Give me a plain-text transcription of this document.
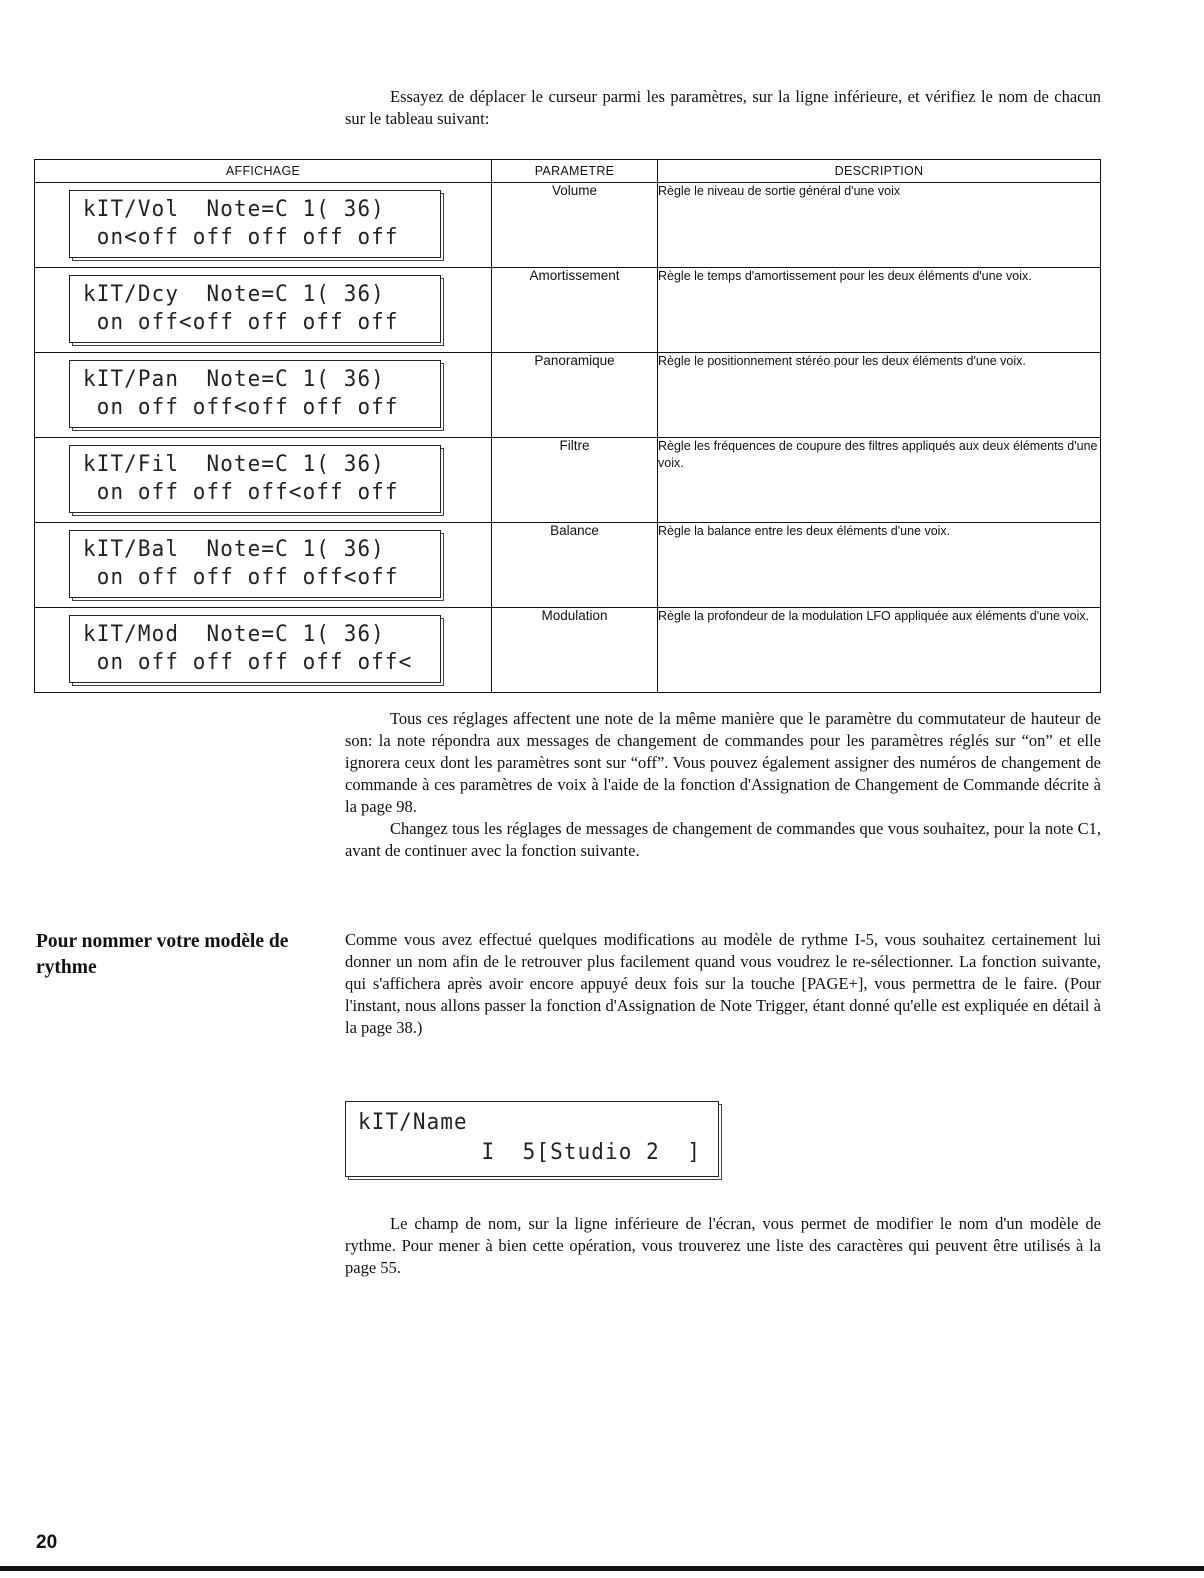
Essayez de déplacer le curseur parmi les paramètres, sur la ligne inférieure, et vérifiez le nom de chacun sur le tableau suivant:

AFFICHAGE	PARAMETRE	DESCRIPTION

kIT/Vol  Note=C 1( 36)
on<off off off off off	Volume	Règle le niveau de sortie général d'une voix

kIT/Dcy  Note=C 1( 36)
on off<off off off off	Amortissement	Règle le temps d'amortissement pour les deux éléments d'une voix.

kIT/Pan  Note=C 1( 36)
on off off<off off off	Panoramique	Règle le positionnement stéréo pour les deux éléments d'une voix.

kIT/Fil  Note=C 1( 36)
on off off off<off off	Filtre	Règle les fréquences de coupure des filtres appliqués aux deux éléments d'une voix.

kIT/Bal  Note=C 1( 36)
on off off off off<off	Balance	Règle la balance entre les deux éléments d'une voix.

kIT/Mod  Note=C 1( 36)
on off off off off off<	Modulation	Règle la profondeur de la modulation LFO appliquée aux éléments d'une voix.

Tous ces réglages affectent une note de la même manière que le paramètre du commutateur de hauteur de son: la note répondra aux messages de changement de commandes pour les paramètres réglés sur “on” et elle ignorera ceux dont les paramètres sont sur “off”. Vous pouvez également assigner des numéros de changement de commande à ces paramètres de voix à l'aide de la fonction d'Assignation de Changement de Commande décrite à la page 98.

Changez tous les réglages de messages de changement de commandes que vous souhaitez, pour la note C1, avant de continuer avec la fonction suivante.

Pour nommer votre modèle de rythme

Comme vous avez effectué quelques modifications au modèle de rythme I-5, vous souhaitez certainement lui donner un nom afin de le retrouver plus facilement quand vous voudrez le re-sélectionner. La fonction suivante, qui s'affichera après avoir encore appuyé deux fois sur la touche [PAGE+], vous permettra de le faire. (Pour l'instant, nous allons passer la fonction d'Assignation de Note Trigger, étant donné qu'elle est expliquée en détail à la page 38.)

kIT/Name
I  5[Studio 2  ]

Le champ de nom, sur la ligne inférieure de l'écran, vous permet de modifier le nom d'un modèle de rythme. Pour mener à bien cette opération, vous trouverez une liste des caractères qui peuvent être utilisés à la page 55.

20
